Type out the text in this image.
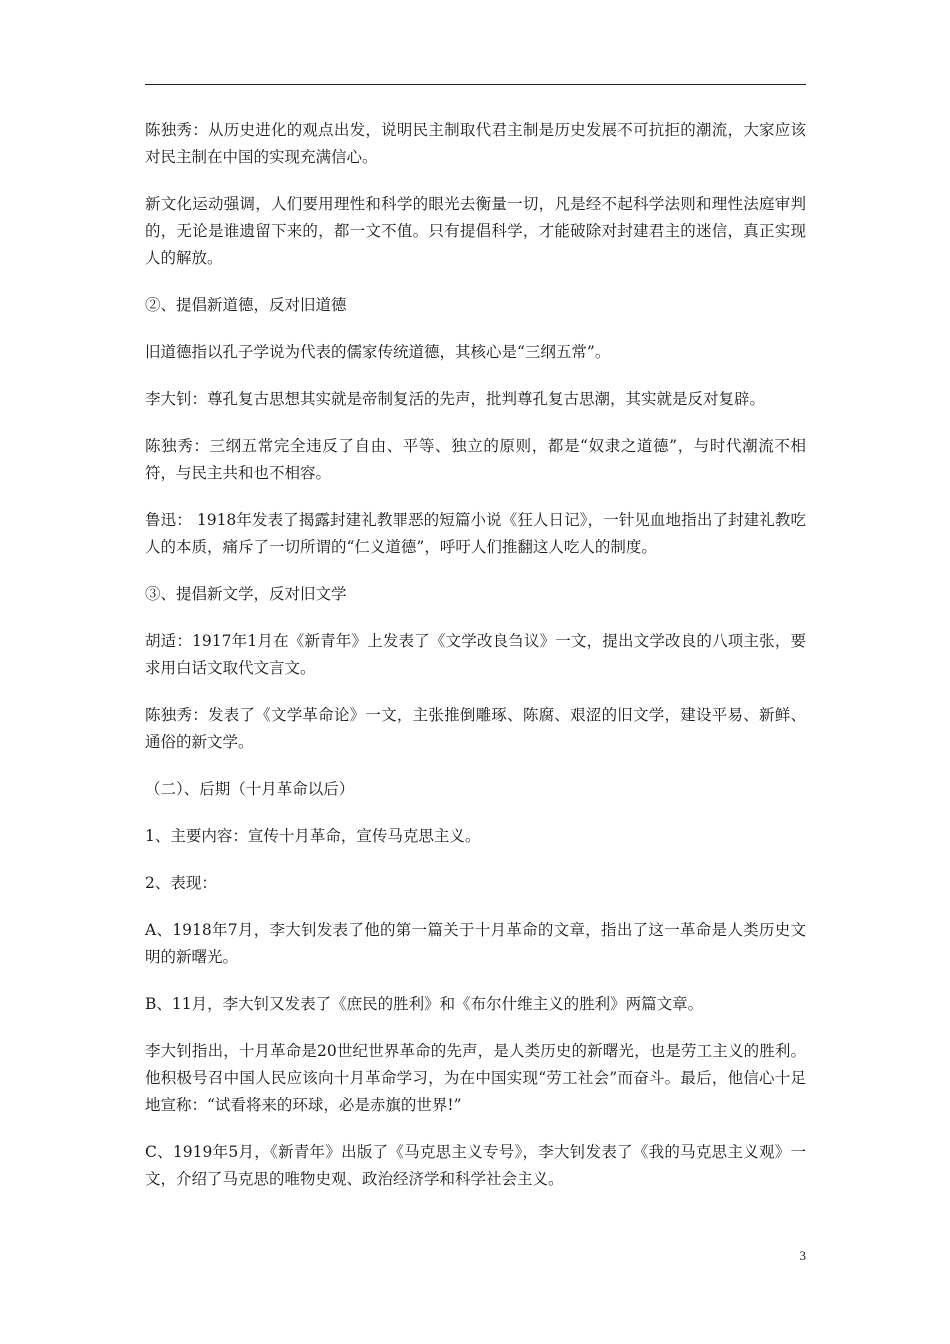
陈独秀：从历史进化的观点出发，说明民主制取代君主制是历史发展不可抗拒的潮流，大家应该对民主制在中国的实现充满信心。

新文化运动强调，人们要用理性和科学的眼光去衡量一切，凡是经不起科学法则和理性法庭审判的，无论是谁遗留下来的，都一文不值。只有提倡科学，才能破除对封建君主的迷信，真正实现人的解放。

②、提倡新道德，反对旧道德

旧道德指以孔子学说为代表的儒家传统道德，其核心是“三纲五常”。

李大钊：尊孔复古思想其实就是帝制复活的先声，批判尊孔复古思潮，其实就是反对复辟。

陈独秀：三纲五常完全违反了自由、平等、独立的原则，都是“奴隶之道德”，与时代潮流不相符，与民主共和也不相容。

鲁迅： 1918年发表了揭露封建礼教罪恶的短篇小说《狂人日记》，一针见血地指出了封建礼教吃人的本质，痛斥了一切所谓的“仁义道德”，呼吁人们推翻这人吃人的制度。

③、提倡新文学，反对旧文学

胡适：1917年1月在《新青年》上发表了《文学改良刍议》一文，提出文学改良的八项主张，要求用白话文取代文言文。

陈独秀：发表了《文学革命论》一文，主张推倒雕琢、陈腐、艰涩的旧文学，建设平易、新鲜、通俗的新文学。

（二）、后期（十月革命以后）

1、主要内容：宣传十月革命，宣传马克思主义。

2、表现：

A、1918年7月，李大钊发表了他的第一篇关于十月革命的文章，指出了这一革命是人类历史文明的新曙光。

B、11月，李大钊又发表了《庶民的胜利》和《布尔什维主义的胜利》两篇文章。

李大钊指出，十月革命是20世纪世界革命的先声，是人类历史的新曙光，也是劳工主义的胜利。他积极号召中国人民应该向十月革命学习，为在中国实现“劳工社会”而奋斗。最后，他信心十足地宣称：“试看将来的环球，必是赤旗的世界!”

C、1919年5月，《新青年》出版了《马克思主义专号》，李大钊发表了《我的马克思主义观》一文，介绍了马克思的唯物史观、政治经济学和科学社会主义。

3
